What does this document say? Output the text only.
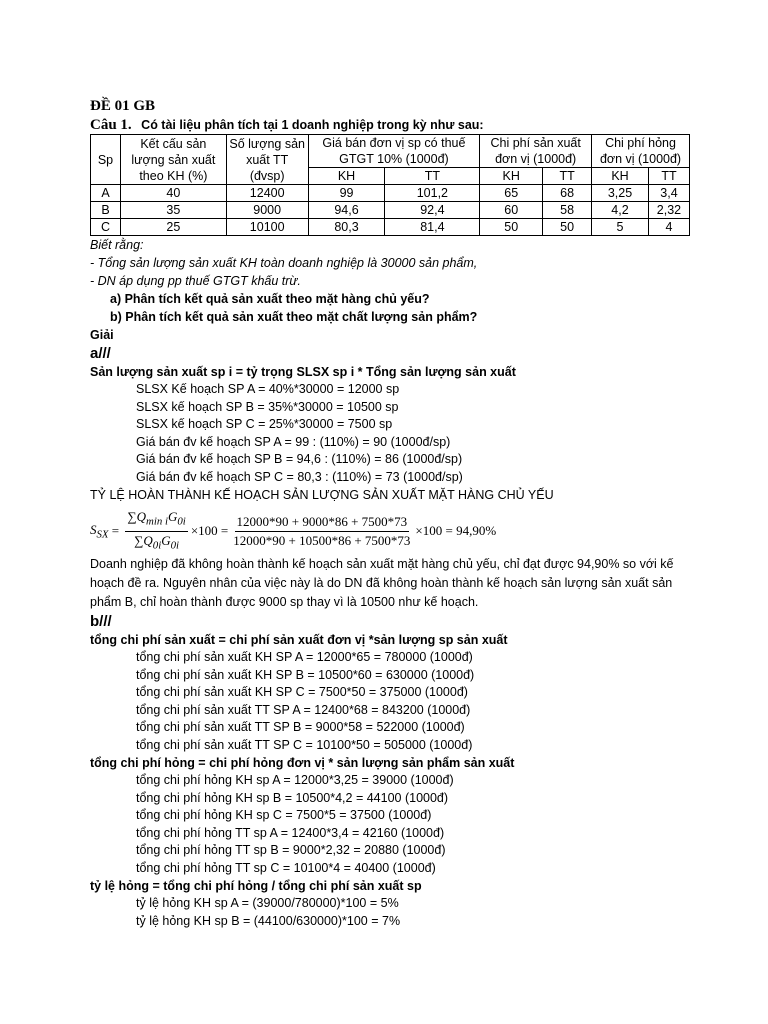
ĐỀ 01 GB
Câu 1. Có tài liệu phân tích tại 1 doanh nghiệp trong kỳ như sau:
Sp	Kết cấu sản lượng sản xuất theo KH (%)	Số lượng sản xuất TT (đvsp)	Giá bán đơn vị sp có thuế GTGT 10% (1000đ)		Chi phí sản xuất đơn vị (1000đ)		Chi phí hỏng đơn vị (1000đ)	
			KH	TT	KH	TT	KH	TT
A	40	12400	99	101,2	65	68	3,25	3,4
B	35	9000	94,6	92,4	60	58	4,2	2,32
C	25	10100	80,3	81,4	50	50	5	4
Biết rằng:
- Tổng sản lượng sản xuất KH toàn doanh nghiệp là 30000 sản phẩm,
- DN áp dụng pp thuế GTGT khấu trừ.
a) Phân tích kết quả sản xuất theo mặt hàng chủ yếu?
b) Phân tích kết quả sản xuất theo mặt chất lượng sản phẩm?
Giải
a///
Sản lượng sản xuất sp i = tỷ trọng SLSX sp i * Tổng sản lượng sản xuất
SLSX Kế hoạch SP A = 40%*30000 = 12000 sp
SLSX kế hoạch SP B = 35%*30000 = 10500 sp
SLSX kế hoạch SP C = 25%*30000 = 7500 sp
Giá bán đv kế hoạch SP A = 99 : (110%) = 90 (1000đ/sp)
Giá bán đv kế hoạch SP B = 94,6 : (110%) = 86 (1000đ/sp)
Giá bán đv kế hoạch SP C = 80,3 : (110%) = 73 (1000đ/sp)
TỶ LỆ HOÀN THÀNH KẾ HOẠCH SẢN LƯỢNG SẢN XUẤT MẶT HÀNG CHỦ YẾU
$S_{SX} = \frac{\sum Q_{min i}G_{0i}}{\sum Q_{0i}G_{0i}} \times 100 = \frac{12000*90 + 9000*86 + 7500*73}{12000*90 + 10500*86 + 7500*73} \times 100 = 94,90\%$
Doanh nghiệp đã không hoàn thành kế hoạch sản xuất mặt hàng chủ yếu, chỉ đạt được 94,90% so với kế hoạch đề ra. Nguyên nhân của việc này là do DN đã không hoàn thành kế hoạch sản lượng sản xuất sản phẩm B, chỉ hoàn thành được 9000 sp thay vì là 10500 như kế hoạch.
b///
tổng chi phí sản xuất = chi phí sản xuất đơn vị *sản lượng sp sản xuất
tổng chi phí sản xuất KH SP A = 12000*65 = 780000 (1000đ)
tổng chi phí sản xuất KH SP B = 10500*60 = 630000 (1000đ)
tổng chi phí sản xuất KH SP C = 7500*50 = 375000 (1000đ)
tổng chi phí sản xuất TT SP A = 12400*68 = 843200 (1000đ)
tổng chi phí sản xuất TT SP B = 9000*58 = 522000 (1000đ)
tổng chi phí sản xuất TT SP C = 10100*50 = 505000 (1000đ)
tổng chi phí hỏng = chi phí hỏng đơn vị * sản lượng sản phẩm sản xuất
tổng chi phí hỏng KH sp A = 12000*3,25 = 39000 (1000đ)
tổng chi phí hỏng KH sp B = 10500*4,2 = 44100 (1000đ)
tổng chi phí hỏng KH sp C = 7500*5 = 37500 (1000đ)
tổng chi phí hỏng TT sp A = 12400*3,4 = 42160 (1000đ)
tổng chi phí hỏng TT sp B = 9000*2,32 = 20880 (1000đ)
tổng chi phí hỏng TT sp C = 10100*4 = 40400 (1000đ)
tỷ lệ hỏng = tổng chi phí hỏng / tổng chi phí sản xuất sp
tỷ lệ hỏng KH sp A = (39000/780000)*100 = 5%
tỷ lệ hỏng KH sp B = (44100/630000)*100 = 7%
